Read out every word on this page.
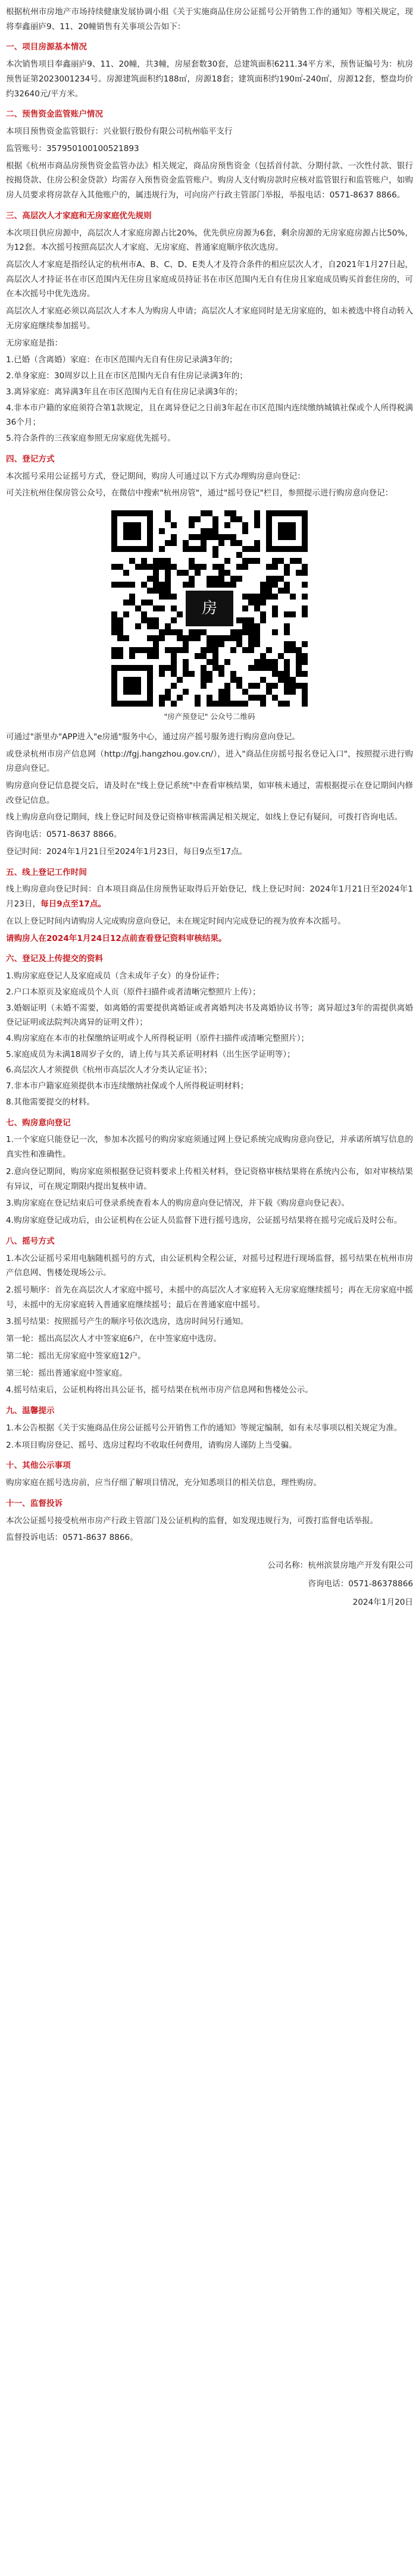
根据杭州市房地产市场持续健康发展协调小组《关于实施商品住房公证摇号公开销售工作的通知》等相关规定，现将奉鑫丽庐9、11、20幢销售有关事项公告如下：

一、项目房源基本情况

本次销售项目奉鑫丽庐9、11、20幢，共3幢，房屋套数30套，总建筑面积6211.34平方米，预售证编号为：杭房预售证第2023001234号。房源建筑面积约188㎡，房源18套；建筑面积约190㎡-240㎡，房源12套，整盘均价约32640元/平方米。

二、预售资金监管账户情况

本项目预售资金监管银行：兴业银行股份有限公司杭州临平支行

监管账号：357950100100521893

根据《杭州市商品房预售资金监管办法》相关规定，商品房预售资金（包括首付款、分期付款、一次性付款、银行按揭贷款、住房公积金贷款）均需存入预售资金监管账户。购房人支付购房款时应核对监管银行和监管账户，如购房人员要求将房款存入其他账户的，属违规行为，可向房产行政主管部门举报，举报电话：0571-8637 8866。

三、高层次人才家庭和无房家庭优先规则

本次项目供应房源中，高层次人才家庭房源占比20%，优先供应房源为6套，剩余房源的无房家庭房源占比50%，为12套。本次摇号按照高层次人才家庭、无房家庭、普通家庭顺序依次选房。

高层次人才家庭是指经认定的杭州市A、B、C、D、E类人才及符合条件的相应层次人才，自2021年1月27日起，高层次人才持证书在市区范围内无住房且家庭成员持证书在市区范围内无自有住房且家庭成员购买首套住房的，可在本次摇号中优先选房。

高层次人才家庭必须以高层次人才本人为购房人申请；高层次人才家庭同时是无房家庭的，如未被选中将自动转入无房家庭继续参加摇号。

无房家庭是指：

1.已婚（含离婚）家庭：在市区范围内无自有住房记录满3年的；

2.单身家庭：30周岁以上且在市区范围内无自有住房记录满3年的；

3.离异家庭：离异满3年且在市区范围内无自有住房记录满3年的；

4.非本市户籍的家庭须符合第1款规定，且在离异登记之日前3年起在市区范围内连续缴纳城镇社保或个人所得税满36个月；

5.符合条件的三孩家庭参照无房家庭优先摇号。

四、登记方式

本次摇号采用公证摇号方式，登记期间，购房人可通过以下方式办理购房意向登记：

可关注杭州住保房管公众号，在微信中搜索"杭州房管"，通过"摇号登记"栏目，参照提示进行购房意向登记：

房
"房产预登记" 公众号二维码

可通过"浙里办"APP进入"e房通"服务中心，通过房产摇号服务进行购房意向登记。

或登录杭州市房产信息网（http://fgj.hangzhou.gov.cn/），进入"商品住房摇号报名登记入口"，按照提示进行购房意向登记。

购房意向登记信息提交后，请及时在"线上登记系统"中查看审核结果，如审核未通过，需根据提示在登记期间内修改登记信息。

线上购房意向登记期间，线上登记时间及登记资格审核需满足相关规定，如线上登记有疑问，可拨打咨询电话。

咨询电话：0571-8637 8866。

登记时间：2024年1月21日至2024年1月23日，每日9点至17点。

五、线上登记工作时间

线上购房意向登记时间：自本项目商品住房预售证取得后开始登记，线上登记时间：2024年1月21日至2024年1月23日，每日9点至17点。

在以上登记时间内请购房人完成购房意向登记，未在规定时间内完成登记的视为放弃本次摇号。

请购房人在2024年1月24日12点前查看登记资料审核结果。

六、登记及上传提交的资料

1.购房家庭登记人及家庭成员（含未成年子女）的身份证件；

2.户口本原页及家庭成员个人页（原件扫描件或者清晰完整照片上传）；

3.婚姻证明（未婚不需要，如离婚的需要提供离婚证或者离婚判决书及离婚协议书等；离异超过3年的需提供离婚登记证明或法院判决离异的证明文件）；

4.购房家庭在本市的社保缴纳证明或个人所得税证明（原件扫描件或清晰完整照片）；

5.家庭成员为未满18周岁子女的，请上传与其关系证明材料（出生医学证明等）；

6.高层次人才须提供《杭州市高层次人才分类认定证书》；

7.非本市户籍家庭须提供本市连续缴纳社保或个人所得税证明材料；

8.其他需要提交的材料。

七、购房意向登记

1.一个家庭只能登记一次，参加本次摇号的购房家庭须通过网上登记系统完成购房意向登记，并承诺所填写信息的真实性和准确性。

2.意向登记期间，购房家庭须根据登记资料要求上传相关材料，登记资格审核结果将在系统内公布，如对审核结果有异议，可在规定期限内提出复核申请。

3.购房家庭在登记结束后可登录系统查看本人的购房意向登记情况，并下载《购房意向登记表》。

4.购房家庭登记成功后，由公证机构在公证人员监督下进行摇号选房，公证摇号结果将在摇号完成后及时公布。

八、摇号方式

1.本次公证摇号采用电脑随机摇号的方式，由公证机构全程公证，对摇号过程进行现场监督，摇号结果在杭州市房产信息网、售楼处现场公示。

2.摇号顺序：首先在高层次人才家庭中摇号，未摇中的高层次人才家庭转入无房家庭继续摇号；再在无房家庭中摇号，未摇中的无房家庭转入普通家庭继续摇号；最后在普通家庭中摇号。

3.摇号结果：按照摇号产生的顺序号依次选房，选房时间另行通知。

第一轮：摇出高层次人才中签家庭6户，在中签家庭中选房。

第二轮：摇出无房家庭中签家庭12户。

第三轮：摇出普通家庭中签家庭。

4.摇号结束后，公证机构将出具公证书，摇号结果在杭州市房产信息网和售楼处公示。

九、温馨提示

1.本公告根据《关于实施商品住房公证摇号公开销售工作的通知》等规定编制，如有未尽事项以相关规定为准。

2.本项目购房登记、摇号、选房过程均不收取任何费用，请购房人谨防上当受骗。

十、其他公示事项

购房家庭在摇号选房前，应当仔细了解项目情况，充分知悉项目的相关信息，理性购房。

十一、监督投诉

本次公证摇号接受杭州市房产行政主管部门及公证机构的监督，如发现违规行为，可拨打监督电话举报。

监督投诉电话：0571-8637 8866。

公司名称：杭州滨景房地产开发有限公司

咨询电话：0571-86378866

2024年1月20日
